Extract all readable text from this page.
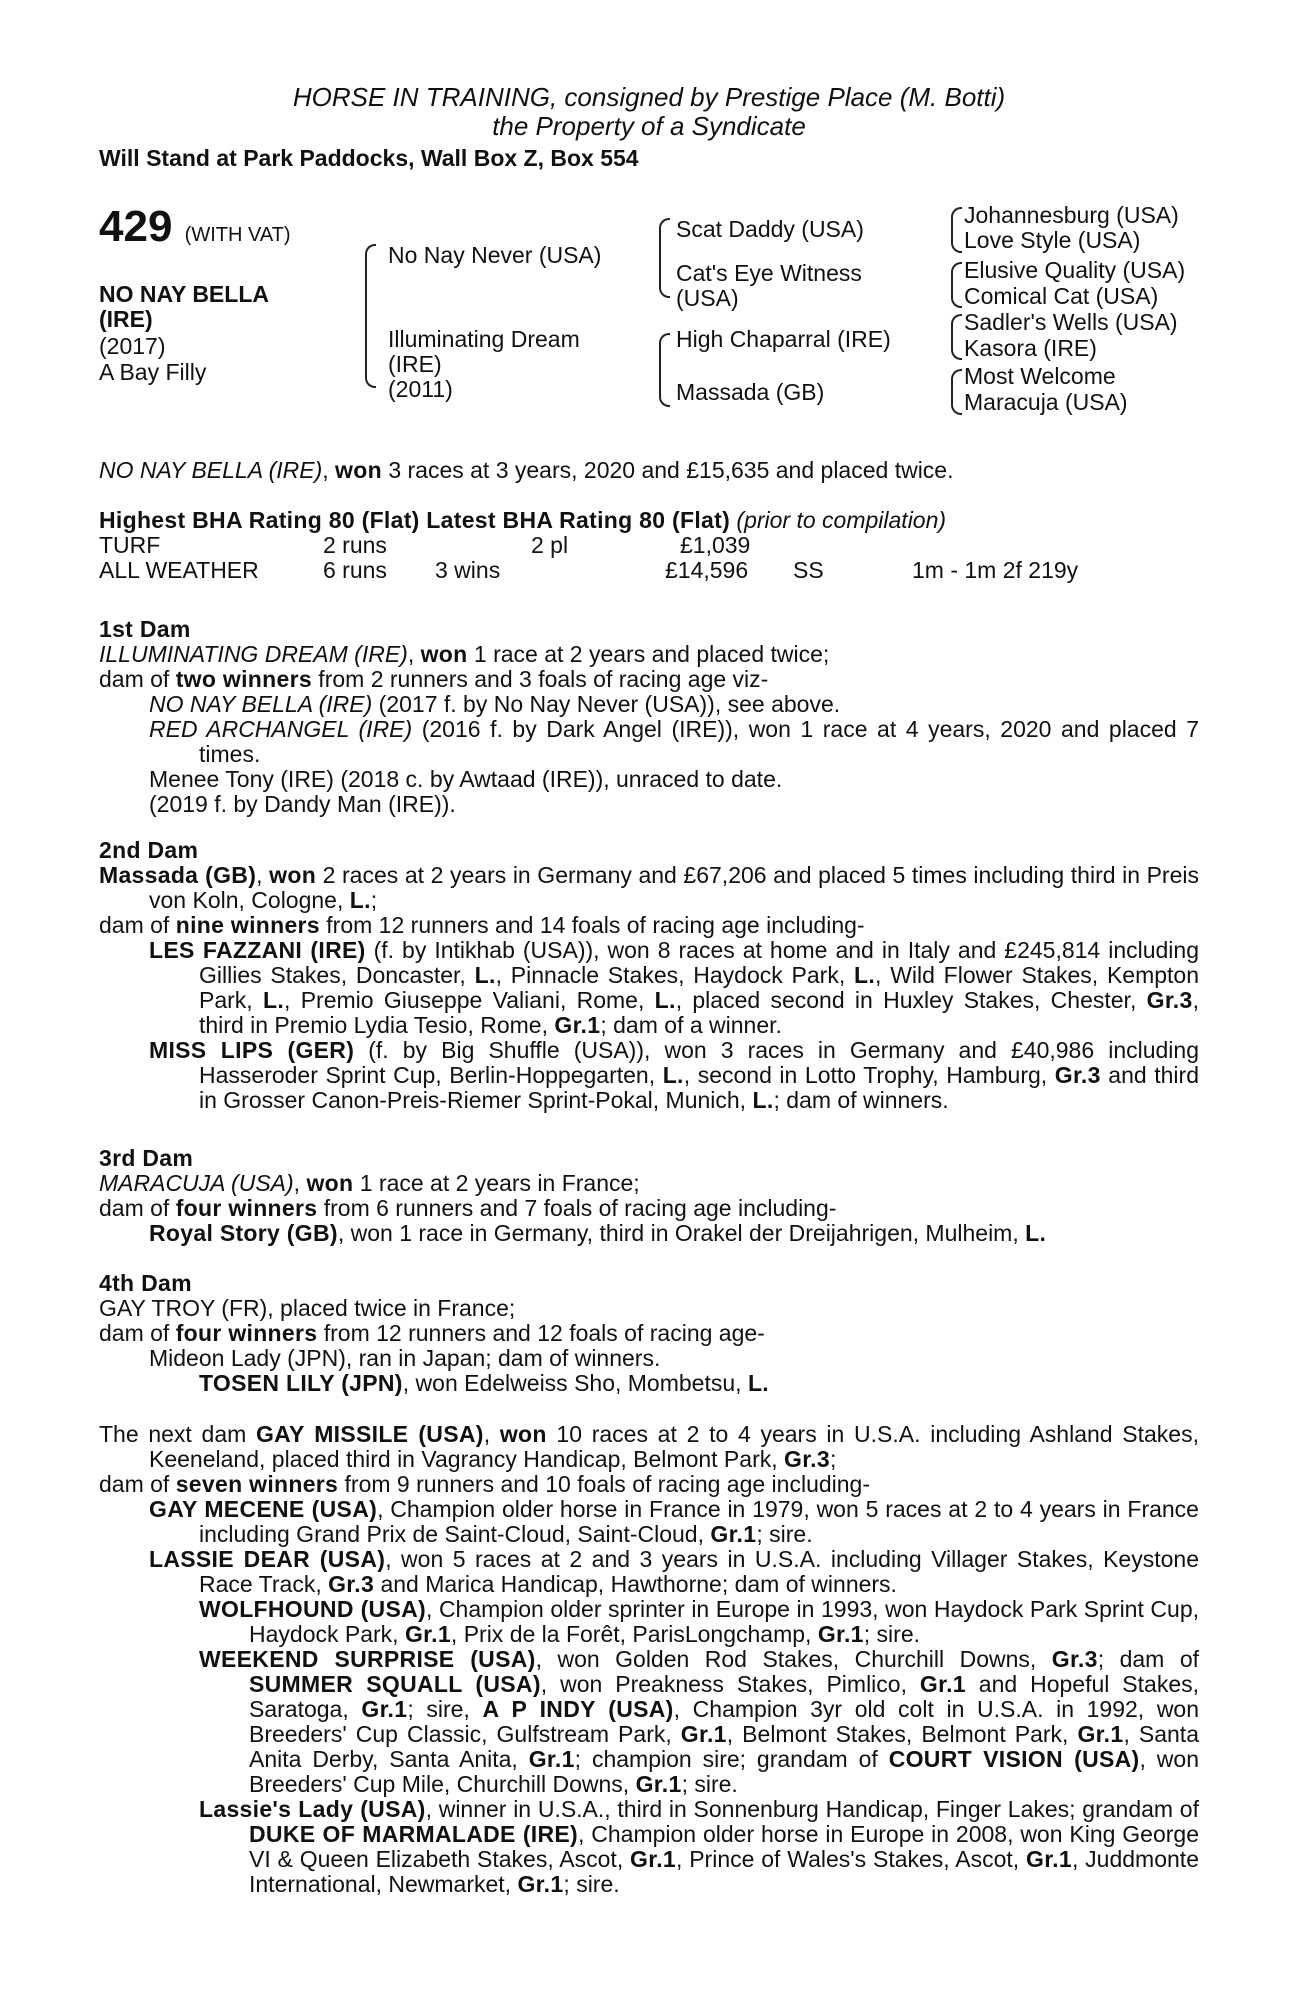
HORSE IN TRAINING, consigned by Prestige Place (M. Botti)
the Property of a Syndicate
Will Stand at Park Paddocks, Wall Box Z, Box 554
429 (WITH VAT)
NO NAY BELLA
(IRE)
(2017)
A Bay Filly
No Nay Never (USA)
Illuminating Dream
(IRE)
(2011)
Scat Daddy (USA)
Cat's Eye Witness
(USA)
High Chaparral (IRE)
Massada (GB)
Johannesburg (USA)
Love Style (USA)
Elusive Quality (USA)
Comical Cat (USA)
Sadler's Wells (USA)
Kasora (IRE)
Most Welcome
Maracuja (USA)
NO NAY BELLA (IRE), won 3 races at 3 years, 2020 and £15,635 and placed twice.
Highest BHA Rating 80 (Flat) Latest BHA Rating 80 (Flat) (prior to compilation)
TURF	2 runs	2 pl	£1,039
ALL WEATHER	6 runs 3 wins	£14,596 SS	1m - 1m 2f 219y
1st Dam
ILLUMINATING DREAM (IRE), won 1 race at 2 years and placed twice;
dam of two winners from 2 runners and 3 foals of racing age viz-
NO NAY BELLA (IRE) (2017 f. by No Nay Never (USA)), see above.

RED ARCHANGEL (IRE) (2016 f. by Dark Angel (IRE)), won 1 race at 4 years, 2020 and placed 7 times.

Menee Tony (IRE) (2018 c. by Awtaad (IRE)), unraced to date.
(2019 f. by Dandy Man (IRE)).
2nd Dam

Massada (GB), won 2 races at 2 years in Germany and £67,206 and placed 5 times including third in Preis von Koln, Cologne, L.;

dam of nine winners from 12 runners and 14 foals of racing age including-

LES FAZZANI (IRE) (f. by Intikhab (USA)), won 8 races at home and in Italy and £245,814 including Gillies Stakes, Doncaster, L., Pinnacle Stakes, Haydock Park, L., Wild Flower Stakes, Kempton Park, L., Premio Giuseppe Valiani, Rome, L., placed second in Huxley Stakes, Chester, Gr.3, third in Premio Lydia Tesio, Rome, Gr.1; dam of a winner.

MISS LIPS (GER) (f. by Big Shuffle (USA)), won 3 races in Germany and £40,986 including Hasseroder Sprint Cup, Berlin-Hoppegarten, L., second in Lotto Trophy, Hamburg, Gr.3 and third in Grosser Canon-Preis-Riemer Sprint-Pokal, Munich, L.; dam of winners.

3rd Dam
MARACUJA (USA), won 1 race at 2 years in France;
dam of four winners from 6 runners and 7 foals of racing age including-
Royal Story (GB), won 1 race in Germany, third in Orakel der Dreijahrigen, Mulheim, L.
4th Dam
GAY TROY (FR), placed twice in France;
dam of four winners from 12 runners and 12 foals of racing age-
Mideon Lady (JPN), ran in Japan; dam of winners.
TOSEN LILY (JPN), won Edelweiss Sho, Mombetsu, L.

The next dam GAY MISSILE (USA), won 10 races at 2 to 4 years in U.S.A. including Ashland Stakes, Keeneland, placed third in Vagrancy Handicap, Belmont Park, Gr.3;

dam of seven winners from 9 runners and 10 foals of racing age including-

GAY MECENE (USA), Champion older horse in France in 1979, won 5 races at 2 to 4 years in France including Grand Prix de Saint-Cloud, Saint-Cloud, Gr.1; sire.

LASSIE DEAR (USA), won 5 races at 2 and 3 years in U.S.A. including Villager Stakes, Keystone Race Track, Gr.3 and Marica Handicap, Hawthorne; dam of winners.

WOLFHOUND (USA), Champion older sprinter in Europe in 1993, won Haydock Park Sprint Cup, Haydock Park, Gr.1, Prix de la Forêt, ParisLongchamp, Gr.1; sire.

WEEKEND SURPRISE (USA), won Golden Rod Stakes, Churchill Downs, Gr.3; dam of SUMMER SQUALL (USA), won Preakness Stakes, Pimlico, Gr.1 and Hopeful Stakes, Saratoga, Gr.1; sire, A P INDY (USA), Champion 3yr old colt in U.S.A. in 1992, won Breeders' Cup Classic, Gulfstream Park, Gr.1, Belmont Stakes, Belmont Park, Gr.1, Santa Anita Derby, Santa Anita, Gr.1; champion sire; grandam of COURT VISION (USA), won Breeders' Cup Mile, Churchill Downs, Gr.1; sire.

Lassie's Lady (USA), winner in U.S.A., third in Sonnenburg Handicap, Finger Lakes; grandam of DUKE OF MARMALADE (IRE), Champion older horse in Europe in 2008, won King George VI & Queen Elizabeth Stakes, Ascot, Gr.1, Prince of Wales's Stakes, Ascot, Gr.1, Juddmonte International, Newmarket, Gr.1; sire.
